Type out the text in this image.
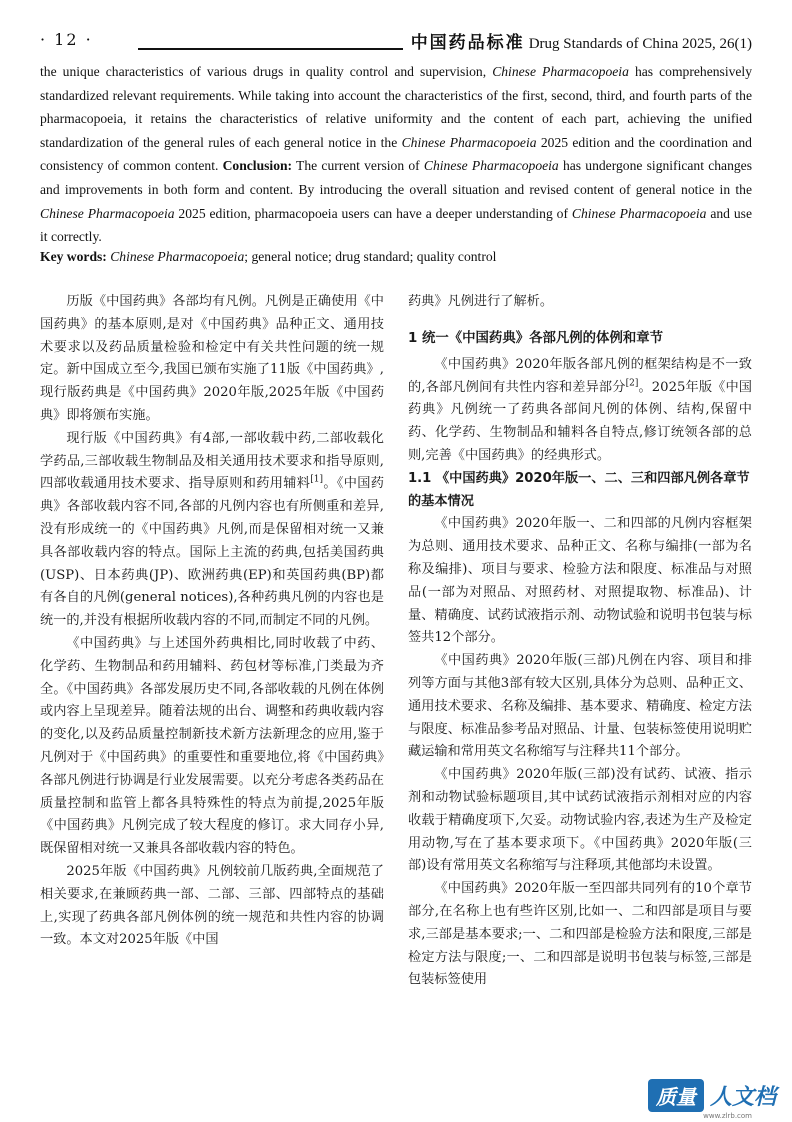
· 12 ·	中国药品标准 Drug Standards of China 2025, 26(1)
the unique characteristics of various drugs in quality control and supervision, Chinese Pharmacopoeia has comprehensively standardized relevant requirements. While taking into account the characteristics of the first, second, third, and fourth parts of the pharmacopoeia, it retains the characteristics of relative uniformity and the content of each part, achieving the unified standardization of the general rules of each general notice in the Chinese Pharmacopoeia 2025 edition and the coordination and consistency of common content. Conclusion: The current version of Chinese Pharmacopoeia has undergone significant changes and improvements in both form and content. By introducing the overall situation and revised content of general notice in the Chinese Pharmacopoeia 2025 edition, pharmacopoeia users can have a deeper understanding of Chinese Pharmacopoeia and use it correctly.
Key words: Chinese Pharmacopoeia; general notice; drug standard; quality control

历版《中国药典》各部均有凡例。凡例是正确使用《中国药典》的基本原则,是对《中国药典》品种正文、通用技术要求以及药品质量检验和检定中有关共性问题的统一规定。新中国成立至今,我国已颁布实施了11版《中国药典》,现行版药典是《中国药典》2020年版,2025年版《中国药典》即将颁布实施。

现行版《中国药典》有4部,一部收载中药,二部收载化学药品,三部收载生物制品及相关通用技术要求和指导原则,四部收载通用技术要求、指导原则和药用辅料[1]。《中国药典》各部收载内容不同,各部的凡例内容也有所侧重和差异,没有形成统一的《中国药典》凡例,而是保留相对统一又兼具各部收载内容的特点。国际上主流的药典,包括美国药典(USP)、日本药典(JP)、欧洲药典(EP)和英国药典(BP)都有各自的凡例(general notices),各种药典凡例的内容也是统一的,并没有根据所收载内容的不同,而制定不同的凡例。

《中国药典》与上述国外药典相比,同时收载了中药、化学药、生物制品和药用辅料、药包材等标准,门类最为齐全。《中国药典》各部发展历史不同,各部收载的凡例在体例或内容上呈现差异。随着法规的出台、调整和药典收载内容的变化,以及药品质量控制新技术新方法新理念的应用,鉴于凡例对于《中国药典》的重要性和重要地位,将《中国药典》各部凡例进行协调是行业发展需要。以充分考虑各类药品在质量控制和监管上都各具特殊性的特点为前提,2025年版《中国药典》凡例完成了较大程度的修订。求大同存小异,既保留相对统一又兼具各部收载内容的特色。

2025年版《中国药典》凡例较前几版药典,全面规范了相关要求,在兼顾药典一部、二部、三部、四部特点的基础上,实现了药典各部凡例体例的统一规范和共性内容的协调一致。本文对2025年版《中国

药典》凡例进行了解析。

1 统一《中国药典》各部凡例的体例和章节

《中国药典》2020年版各部凡例的框架结构是不一致的,各部凡例间有共性内容和差异部分[2]。2025年版《中国药典》凡例统一了药典各部间凡例的体例、结构,保留中药、化学药、生物制品和辅料各自特点,修订统领各部的总则,完善《中国药典》的经典形式。

1.1 《中国药典》2020年版一、二、三和四部凡例各章节的基本情况

《中国药典》2020年版一、二和四部的凡例内容框架为总则、通用技术要求、品种正文、名称与编排(一部为名称及编排)、项目与要求、检验方法和限度、标准品与对照品(一部为对照品、对照药材、对照提取物、标准品)、计量、精确度、试药试液指示剂、动物试验和说明书包装与标签共12个部分。

《中国药典》2020年版(三部)凡例在内容、项目和排列等方面与其他3部有较大区别,具体分为总则、品种正文、通用技术要求、名称及编排、基本要求、精确度、检定方法与限度、标准品参考品对照品、计量、包装标签使用说明贮藏运输和常用英文名称缩写与注释共11个部分。

《中国药典》2020年版(三部)没有试药、试液、指示剂和动物试验标题项目,其中试药试液指示剂相对应的内容收载于精确度项下,欠妥。动物试验内容,表述为生产及检定用动物,写在了基本要求项下。《中国药典》2020年版(三部)设有常用英文名称缩写与注释项,其他部均未设置。

《中国药典》2020年版一至四部共同列有的10个章节部分,在名称上也有些许区别,比如一、二和四部是项目与要求,三部是基本要求;一、二和四部是检验方法和限度,三部是检定方法与限度;一、二和四部是说明书包装与标签,三部是包装标签使用

质量 人文档
www.zlrb.com
